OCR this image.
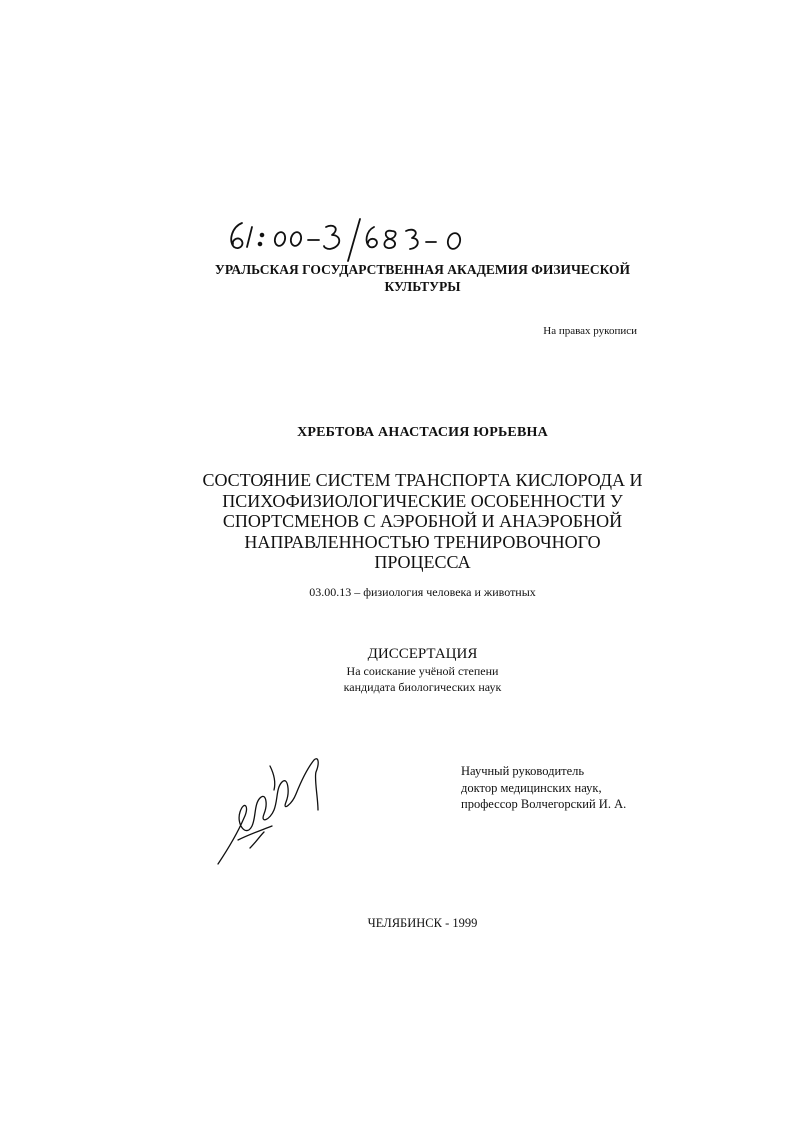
УРАЛЬСКАЯ ГОСУДАРСТВЕННАЯ АКАДЕМИЯ ФИЗИЧЕСКОЙ
КУЛЬТУРЫ
На правах рукописи
ХРЕБТОВА АНАСТАСИЯ ЮРЬЕВНА
СОСТОЯНИЕ СИСТЕМ ТРАНСПОРТА КИСЛОРОДА И
ПСИХОФИЗИОЛОГИЧЕСКИЕ ОСОБЕННОСТИ У
СПОРТСМЕНОВ С АЭРОБНОЙ И АНАЭРОБНОЙ
НАПРАВЛЕННОСТЬЮ ТРЕНИРОВОЧНОГО
ПРОЦЕССА
03.00.13 – физиология человека и животных
ДИССЕРТАЦИЯ
На соискание учёной степени
кандидата биологических наук
Научный руководитель
доктор медицинских наук,
профессор Волчегорский И. А.
ЧЕЛЯБИНСК - 1999
